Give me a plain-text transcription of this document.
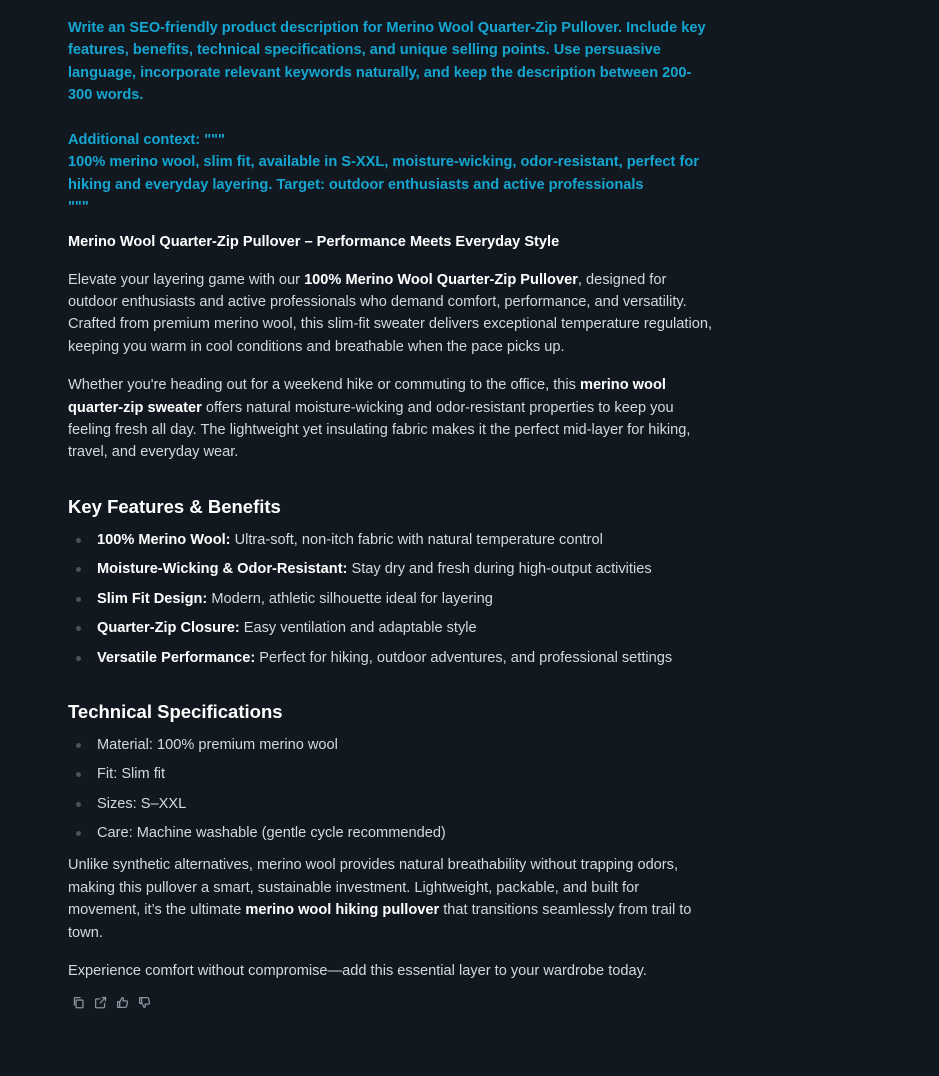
Write an SEO-friendly product description for Merino Wool Quarter-Zip Pullover. Include key features, benefits, technical specifications, and unique selling points. Use persuasive language, incorporate relevant keywords naturally, and keep the description between 200-300 words.

Additional context: """

100% merino wool, slim fit, available in S-XXL, moisture-wicking, odor-resistant, perfect for hiking and everyday layering. Target: outdoor enthusiasts and active professionals

"""

Merino Wool Quarter-Zip Pullover – Performance Meets Everyday Style

Elevate your layering game with our 100% Merino Wool Quarter-Zip Pullover, designed for outdoor enthusiasts and active professionals who demand comfort, performance, and versatility. Crafted from premium merino wool, this slim-fit sweater delivers exceptional temperature regulation, keeping you warm in cool conditions and breathable when the pace picks up.

Whether you're heading out for a weekend hike or commuting to the office, this merino wool quarter-zip sweater offers natural moisture-wicking and odor-resistant properties to keep you feeling fresh all day. The lightweight yet insulating fabric makes it the perfect mid-layer for hiking, travel, and everyday wear.

Key Features & Benefits
100% Merino Wool: Ultra-soft, non-itch fabric with natural temperature control
Moisture-Wicking & Odor-Resistant: Stay dry and fresh during high-output activities
Slim Fit Design: Modern, athletic silhouette ideal for layering
Quarter-Zip Closure: Easy ventilation and adaptable style
Versatile Performance: Perfect for hiking, outdoor adventures, and professional settings
Technical Specifications
Material: 100% premium merino wool
Fit: Slim fit
Sizes: S–XXL
Care: Machine washable (gentle cycle recommended)

Unlike synthetic alternatives, merino wool provides natural breathability without trapping odors, making this pullover a smart, sustainable investment. Lightweight, packable, and built for movement, it’s the ultimate merino wool hiking pullover that transitions seamlessly from trail to town.

Experience comfort without compromise—add this essential layer to your wardrobe today.
